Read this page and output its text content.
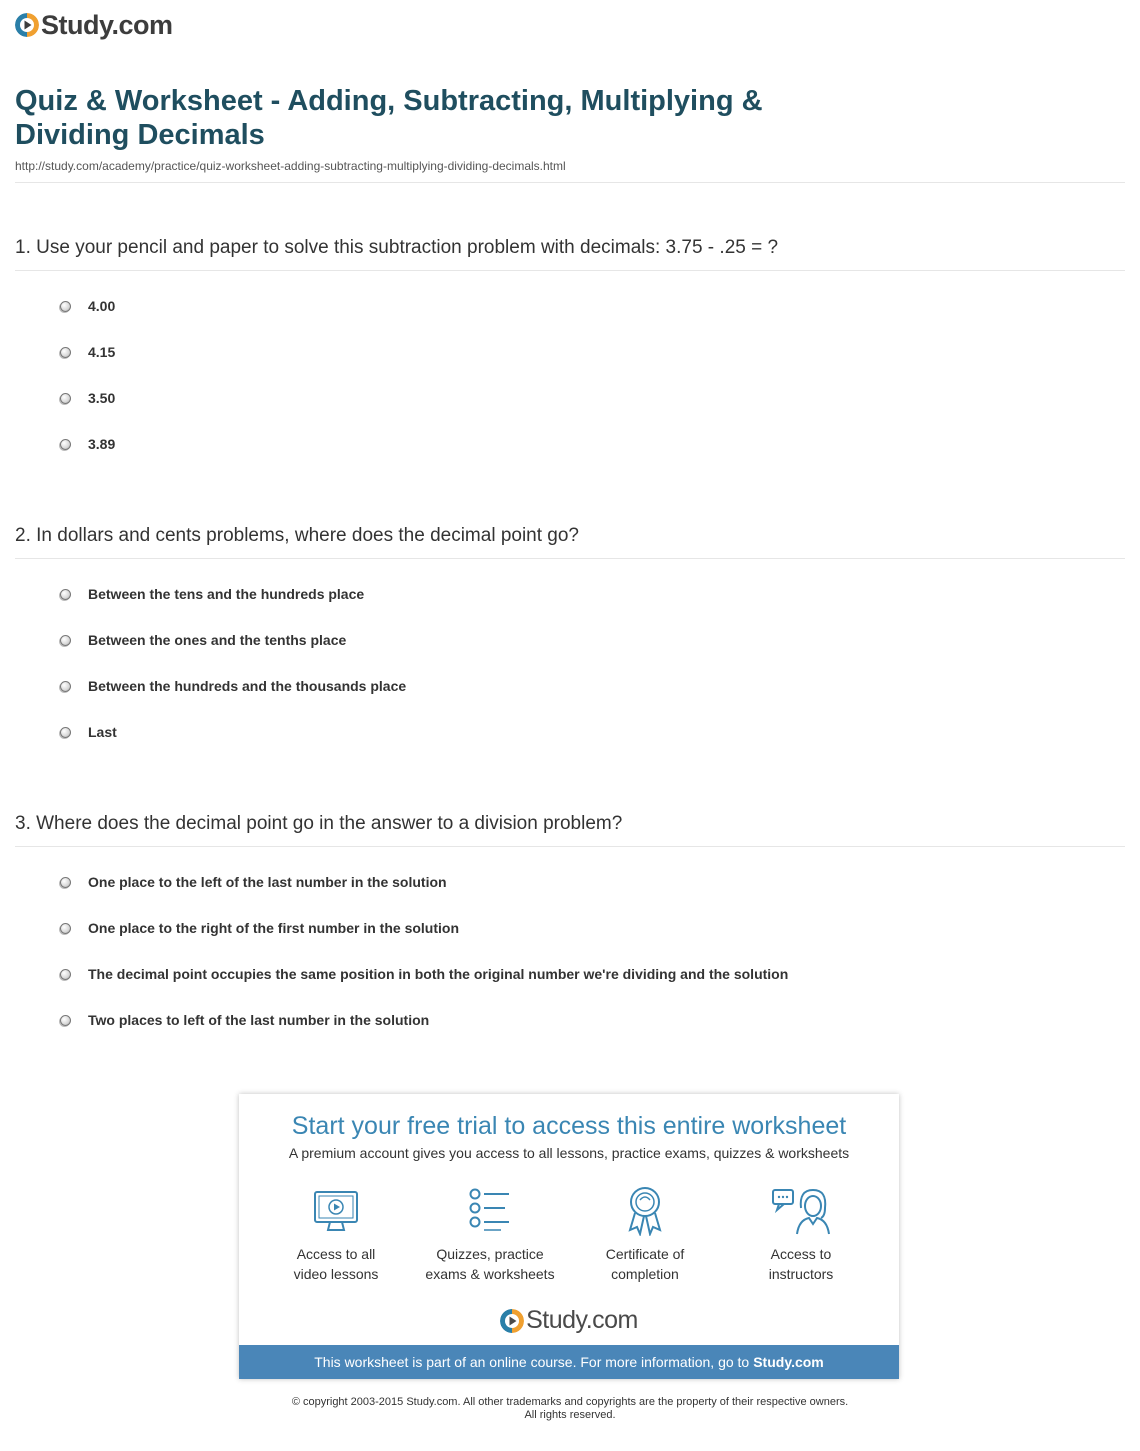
Study.com
Quiz & Worksheet - Adding, Subtracting, Multiplying & Dividing Decimals
http://study.com/academy/practice/quiz-worksheet-adding-subtracting-multiplying-dividing-decimals.html
1. Use your pencil and paper to solve this subtraction problem with decimals: 3.75 - .25 = ?
4.00
4.15
3.50
3.89
2. In dollars and cents problems, where does the decimal point go?
Between the tens and the hundreds place
Between the ones and the tenths place
Between the hundreds and the thousands place
Last
3. Where does the decimal point go in the answer to a division problem?
One place to the left of the last number in the solution
One place to the right of the first number in the solution
The decimal point occupies the same position in both the original number we're dividing and the solution
Two places to left of the last number in the solution
Start your free trial to access this entire worksheet
A premium account gives you access to all lessons, practice exams, quizzes & worksheets
Access to all
video lessons
Quizzes, practice
exams & worksheets
Certificate of
completion
Access to
instructors
Study.com
This worksheet is part of an online course. For more information, go to Study.com
© copyright 2003-2015 Study.com. All other trademarks and copyrights are the property of their respective owners.
All rights reserved.
